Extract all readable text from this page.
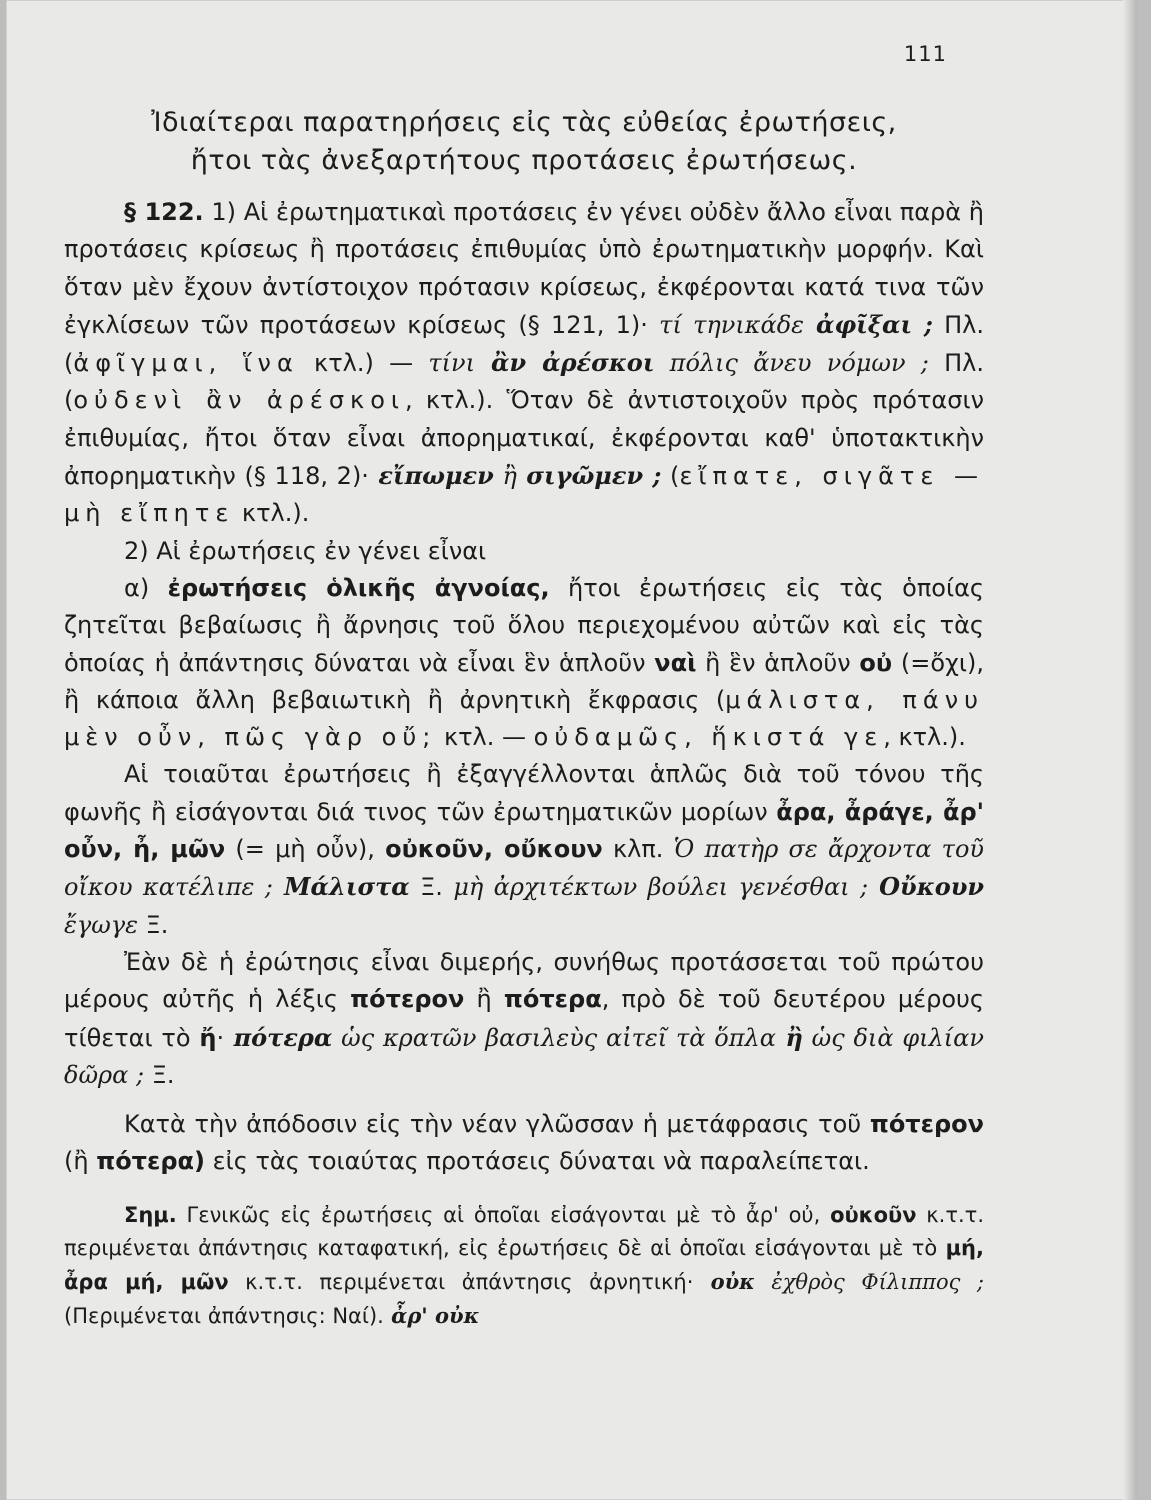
111
Ἰδιαίτεραι παρατηρήσεις εἰς τὰς εὐθείας ἐρωτήσεις,
ἤτοι τὰς ἀνεξαρτήτους προτάσεις ἐρωτήσεως.

§ 122. 1) Αἱ ἐρωτηματικαὶ προτάσεις ἐν γένει οὐδὲν ἄλλο εἶναι παρὰ ἢ προτάσεις κρίσεως ἢ προτάσεις ἐπιθυμίας ὑπὸ ἐρωτηματικὴν μορφήν. Καὶ ὅταν μὲν ἔχουν ἀντίστοιχον πρότασιν κρίσεως, ἐκφέρονται κατά τινα τῶν ἐγκλίσεων τῶν προτάσεων κρίσεως (§ 121, 1)· τί τηνικάδε ἀφῖξαι ; Πλ. (ἀφῖγμαι, ἵνα κτλ.) — τίνι ἂν ἀρέσκοι πόλις ἄνευ νόμων ; Πλ. (οὐδενὶ ἂν ἀρέσκοι, κτλ.). Ὅταν δὲ ἀντιστοιχοῦν πρὸς πρότασιν ἐπιθυμίας, ἤτοι ὅταν εἶναι ἀπορηματικαί, ἐκφέρονται καθ' ὑποτακτικὴν ἀπορηματικὴν (§ 118, 2)· εἴπωμεν ἢ σιγῶμεν ; (εἴπατε, σιγᾶτε — μὴ εἴπητε κτλ.).

2) Αἱ ἐρωτήσεις ἐν γένει εἶναι

α) ἐρωτήσεις ὁλικῆς ἀγνοίας, ἤτοι ἐρωτήσεις εἰς τὰς ὁποίας ζητεῖται βεβαίωσις ἢ ἄρνησις τοῦ ὅλου περιεχομένου αὐτῶν καὶ εἰς τὰς ὁποίας ἡ ἀπάντησις δύναται νὰ εἶναι ἓν ἁπλοῦν ναὶ ἢ ἓν ἁπλοῦν οὐ (=ὄχι), ἢ κάποια ἄλλη βεβαιωτικὴ ἢ ἀρνητικὴ ἔκφρασις (μάλιστα, πάνυ μὲν οὖν, πῶς γὰρ οὔ; κτλ. — οὐδαμῶς, ἥκιστά γε, κτλ.).

Αἱ τοιαῦται ἐρωτήσεις ἢ ἐξαγγέλλονται ἁπλῶς διὰ τοῦ τόνου τῆς φωνῆς ἢ εἰσάγονται διά τινος τῶν ἐρωτηματικῶν μορίων ἆρα, ἆράγε, ἆρ' οὖν, ἦ, μῶν (= μὴ οὖν), οὐκοῦν, οὔκουν κλπ. Ὁ πατὴρ σε ἄρχοντα τοῦ οἴκου κατέλιπε ; Μάλιστα Ξ. μὴ ἀρχιτέκτων βούλει γενέσθαι ; Οὔκουν ἔγωγε Ξ.

Ἐὰν δὲ ἡ ἐρώτησις εἶναι διμερής, συνήθως προτάσσεται τοῦ πρώτου μέρους αὐτῆς ἡ λέξις πότερον ἢ πότερα, πρὸ δὲ τοῦ δευτέρου μέρους τίθεται τὸ ἤ· πότερα ὡς κρατῶν βασιλεὺς αἰτεῖ τὰ ὅπλα ἢ ὡς διὰ φιλίαν δῶρα ; Ξ.

Κατὰ τὴν ἀπόδοσιν εἰς τὴν νέαν γλῶσσαν ἡ μετάφρασις τοῦ πότερον (ἢ πότερα) εἰς τὰς τοιαύτας προτάσεις δύναται νὰ παραλείπεται.

Σημ. Γενικῶς εἰς ἐρωτήσεις αἱ ὁποῖαι εἰσάγονται μὲ τὸ ἆρ' οὐ, οὐκοῦν κ.τ.τ. περιμένεται ἀπάντησις καταφατική, εἰς ἐρωτήσεις δὲ αἱ ὁποῖαι εἰσάγονται μὲ τὸ μή, ἆρα μή, μῶν κ.τ.τ. περιμένεται ἀπάντησις ἀρνητική· οὐκ ἐχθρὸς Φίλιππος ; (Περιμένεται ἀπάντησις: Ναί). ἆρ' οὐκ
